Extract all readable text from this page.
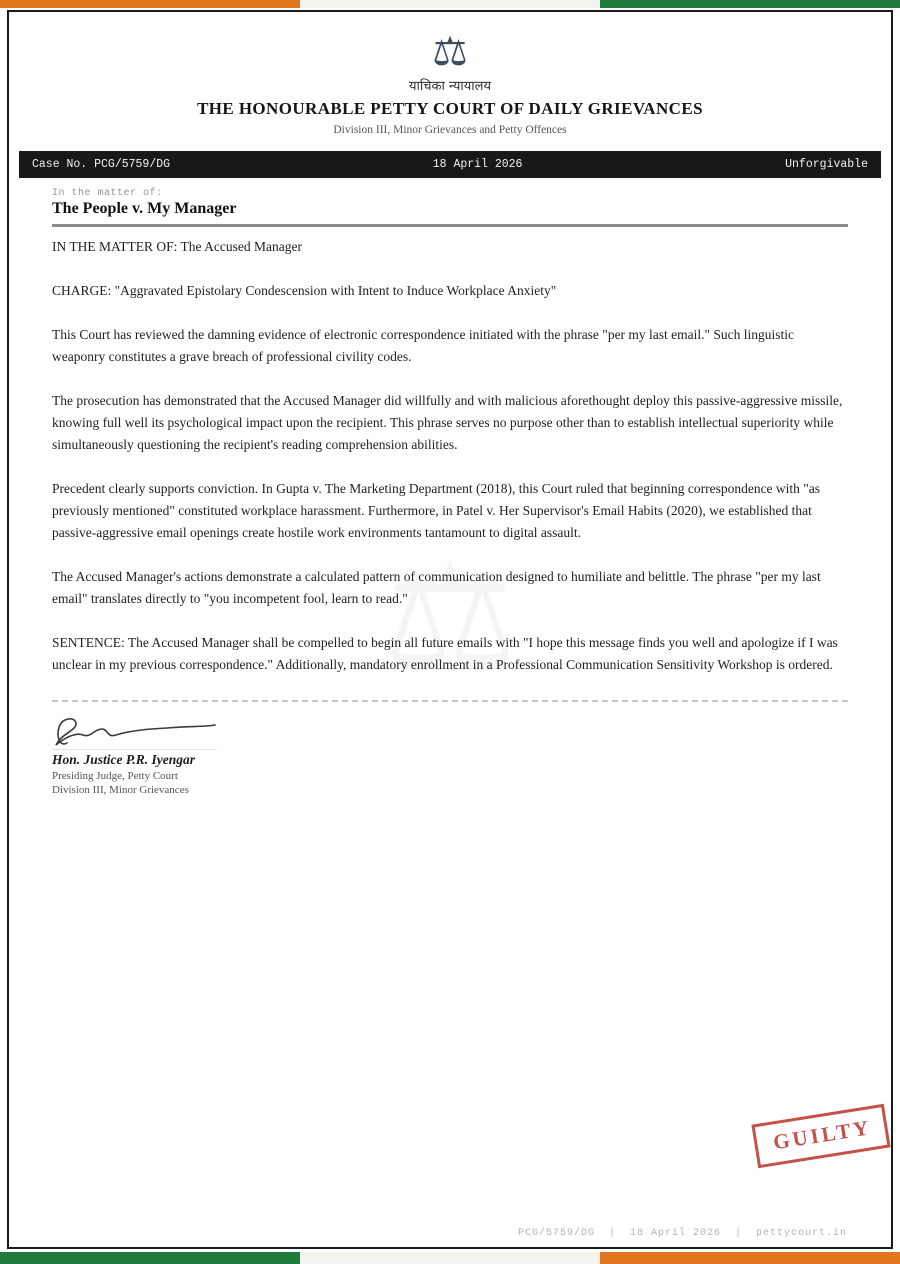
⚖
याचिका न्यायालय
THE HONOURABLE PETTY COURT OF DAILY GRIEVANCES
Division III, Minor Grievances and Petty Offences
Case No. PCG/5759/DG	18 April 2026	Unforgivable
In the matter of:
The People v. My Manager

IN THE MATTER OF: The Accused Manager

CHARGE: "Aggravated Epistolary Condescension with Intent to Induce Workplace Anxiety"

This Court has reviewed the damning evidence of electronic correspondence initiated with the phrase "per my last email." Such linguistic weaponry constitutes a grave breach of professional civility codes.

The prosecution has demonstrated that the Accused Manager did willfully and with malicious aforethought deploy this passive-aggressive missile, knowing full well its psychological impact upon the recipient. This phrase serves no purpose other than to establish intellectual superiority while simultaneously questioning the recipient's reading comprehension abilities.

Precedent clearly supports conviction. In Gupta v. The Marketing Department (2018), this Court ruled that beginning correspondence with "as previously mentioned" constituted workplace harassment. Furthermore, in Patel v. Her Supervisor's Email Habits (2020), we established that passive-aggressive email openings create hostile work environments tantamount to digital assault.

The Accused Manager's actions demonstrate a calculated pattern of communication designed to humiliate and belittle. The phrase "per my last email" translates directly to "you incompetent fool, learn to read."

SENTENCE: The Accused Manager shall be compelled to begin all future emails with "I hope this message finds you well and apologize if I was unclear in my previous correspondence." Additionally, mandatory enrollment in a Professional Communication Sensitivity Workshop is ordered.

Hon. Justice P.R. Iyengar
Presiding Judge, Petty Court
Division III, Minor Grievances
⚖
GUILTY
PCG/5759/DG  |  18 April 2026  |  pettycourt.in
